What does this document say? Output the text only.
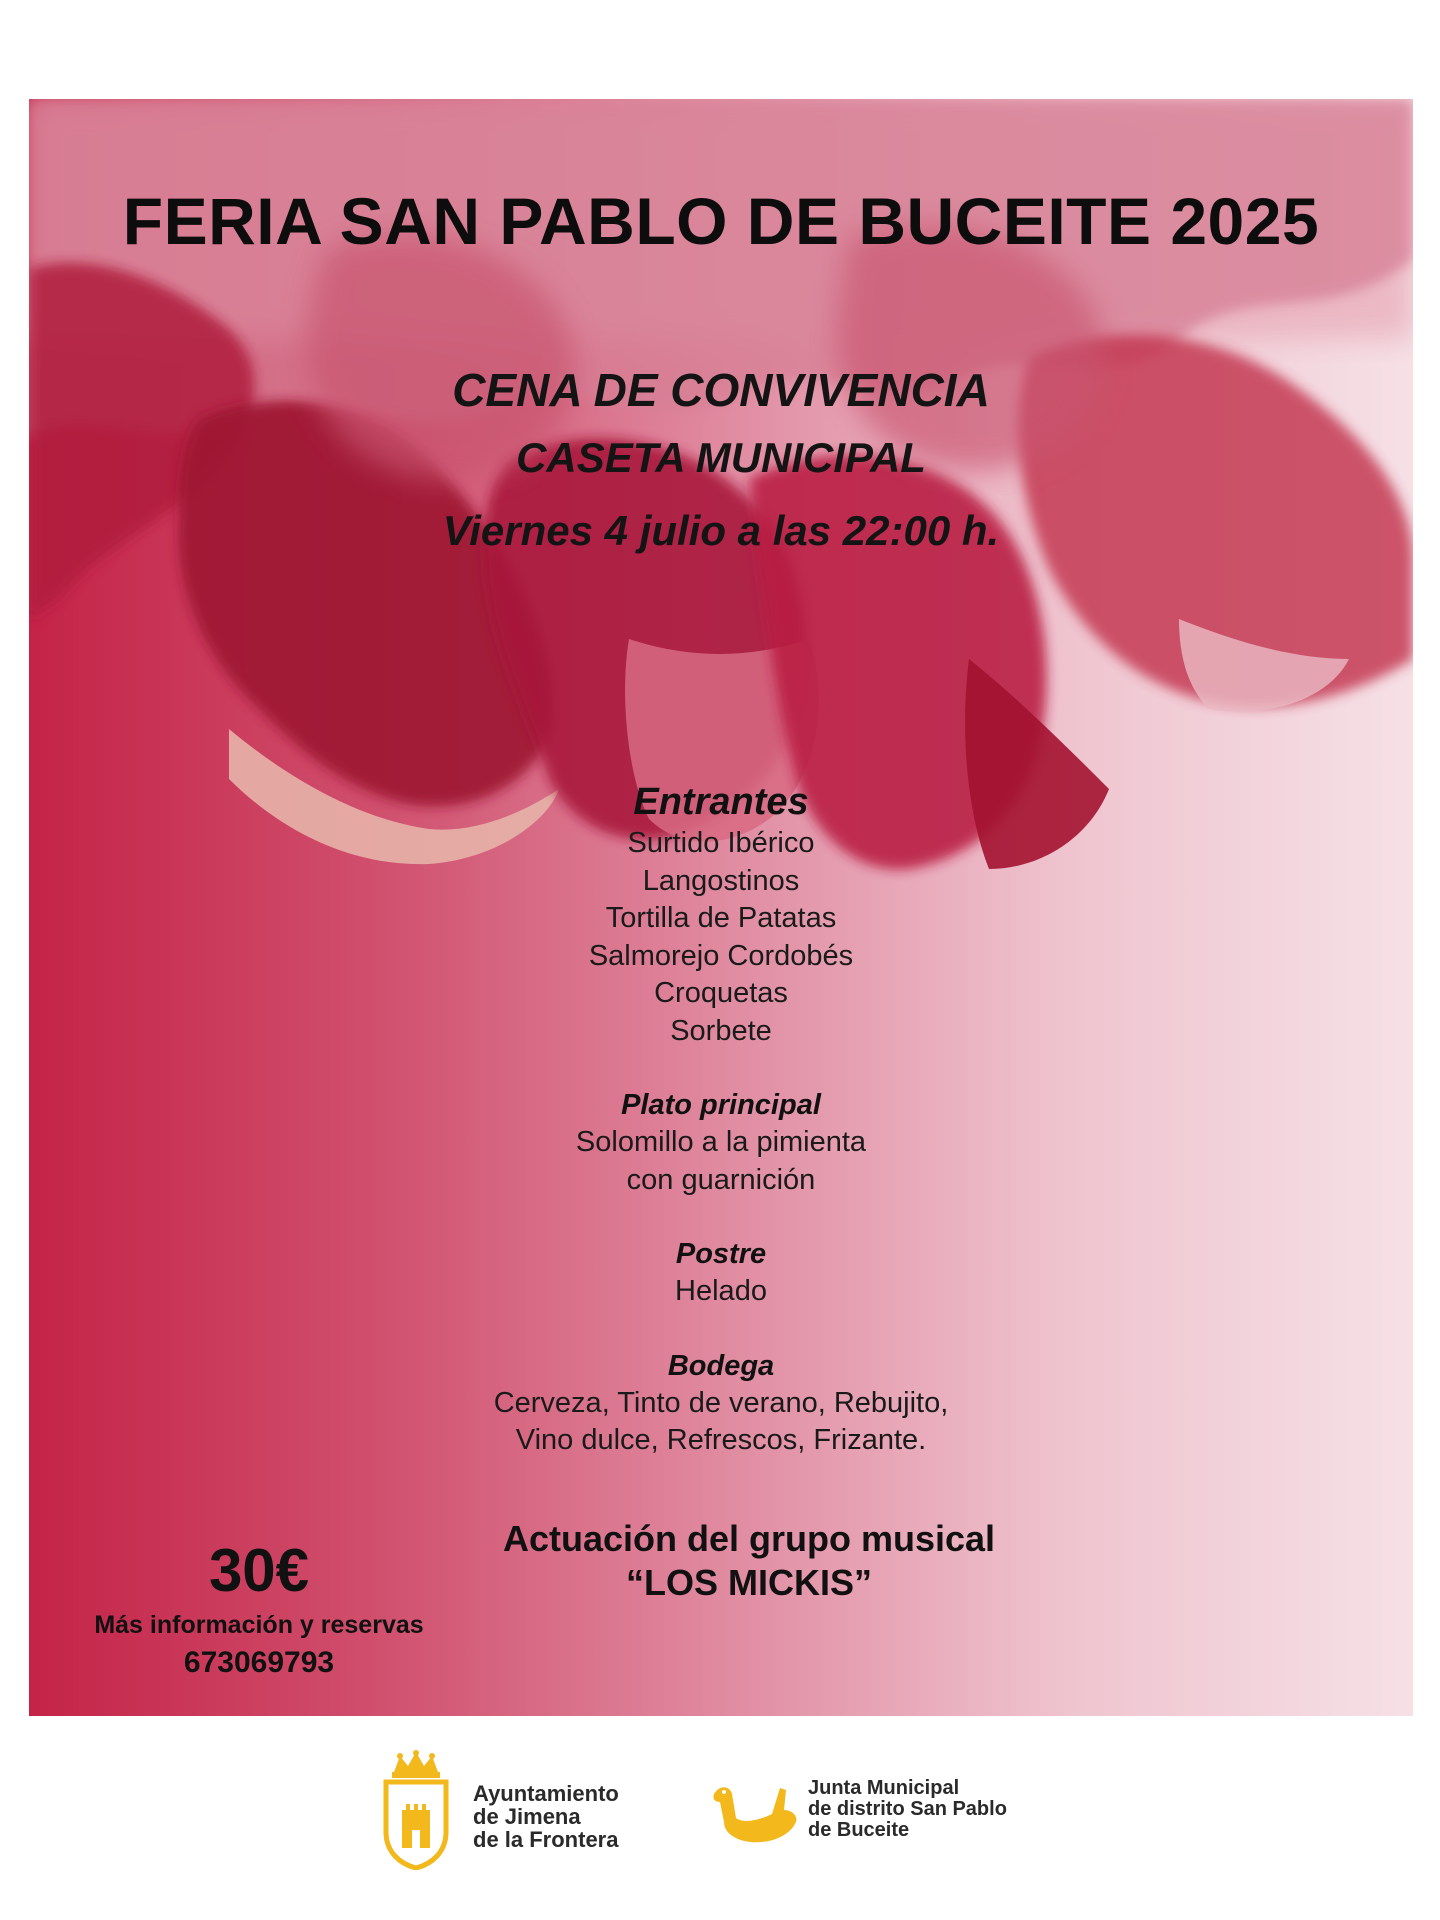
FERIA SAN PABLO DE BUCEITE 2025
CENA DE CONVIVENCIA
CASETA MUNICIPAL
Viernes 4 julio a las 22:00 h.
Entrantes
Surtido Ibérico
Langostinos
Tortilla de Patatas
Salmorejo Cordobés
Croquetas
Sorbete
Plato principal
Solomillo a la pimienta
con guarnición
Postre
Helado
Bodega
Cerveza, Tinto de verano, Rebujito,
Vino dulce, Refrescos, Frizante.
Actuación del grupo musical
“LOS MICKIS”
30€
Más información y reservas
673069793
Ayuntamiento
de Jimena
de la Frontera
Junta Municipal
de distrito San Pablo
de Buceite
